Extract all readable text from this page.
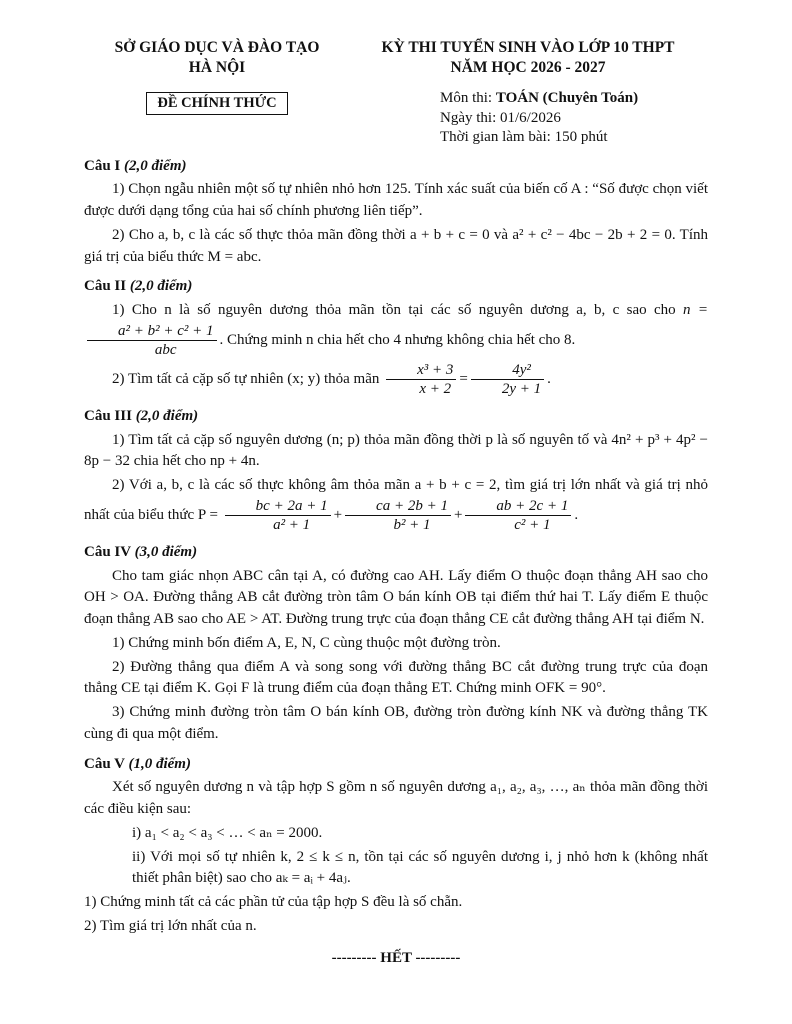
SỞ GIÁO DỤC VÀ ĐÀO TẠO
HÀ NỘI
ĐỀ CHÍNH THỨC
KỲ THI TUYỂN SINH VÀO LỚP 10 THPT
NĂM HỌC 2026 - 2027
Môn thi: TOÁN (Chuyên Toán)
Ngày thi: 01/6/2026
Thời gian làm bài: 150 phút
Câu I (2,0 điểm)

1) Chọn ngẫu nhiên một số tự nhiên nhỏ hơn 125. Tính xác suất của biến cố A : “Số được chọn viết được dưới dạng tổng của hai số chính phương liên tiếp”.

2) Cho a, b, c là các số thực thỏa mãn đồng thời a + b + c = 0 và a² + c² − 4bc − 2b + 2 = 0. Tính giá trị của biểu thức M = abc.

Câu II (2,0 điểm)

1) Cho n là số nguyên dương thỏa mãn tồn tại các số nguyên dương a, b, c sao cho n =
$\frac{\text{a² + b² + c² + 1}}{\text{abc}}$ . Chứng minh n chia hết cho 4 nhưng không chia hết cho 8.

2) Tìm tất cả cặp số tự nhiên (x; y) thỏa mãn $\frac{\text{x³ + 3}}{x + 2} = \frac{\text{4y²}}{2y + 1}$ .

Câu III (2,0 điểm)

1) Tìm tất cả cặp số nguyên dương (n; p) thỏa mãn đồng thời p là số nguyên tố và 4n² + p³ + 4p² − 8p − 32 chia hết cho np + 4n.

2) Với a, b, c là các số thực không âm thỏa mãn a + b + c = 2, tìm giá trị lớn nhất và giá trị nhỏ nhất của biểu thức $P = \frac{bc + 2a + 1}{\text{a² + 1}} + \frac{ca + 2b + 1}{\text{b² + 1}} + \frac{ab + 2c + 1}{\text{c² + 1}}$ .

Câu IV (3,0 điểm)

Cho tam giác nhọn ABC cân tại A, có đường cao AH. Lấy điểm O thuộc đoạn thẳng AH sao cho OH > OA. Đường thẳng AB cắt đường tròn tâm O bán kính OB tại điểm thứ hai T. Lấy điểm E thuộc đoạn thẳng AB sao cho AE > AT. Đường trung trực của đoạn thẳng CE cắt đường thẳng AH tại điểm N.

1) Chứng minh bốn điểm A, E, N, C cùng thuộc một đường tròn.

2) Đường thẳng qua điểm A và song song với đường thẳng BC cắt đường trung trực của đoạn thẳng CE tại điểm K. Gọi F là trung điểm của đoạn thẳng ET. Chứng minh OFK = 90°.

3) Chứng minh đường tròn tâm O bán kính OB, đường tròn đường kính NK và đường thẳng TK cùng đi qua một điểm.

Câu V (1,0 điểm)

Xét số nguyên dương n và tập hợp S gồm n số nguyên dương a₁, a₂, a₃, …, aₙ thỏa mãn đồng thời các điều kiện sau:

i) a₁ < a₂ < a₃ < … < aₙ = 2000.

ii) Với mọi số tự nhiên k, 2 ≤ k ≤ n, tồn tại các số nguyên dương i, j nhỏ hơn k (không nhất thiết phân biệt) sao cho aₖ = aᵢ + 4aⱼ.

1) Chứng minh tất cả các phần tử của tập hợp S đều là số chẵn.

2) Tìm giá trị lớn nhất của n.

--------- HẾT ---------
